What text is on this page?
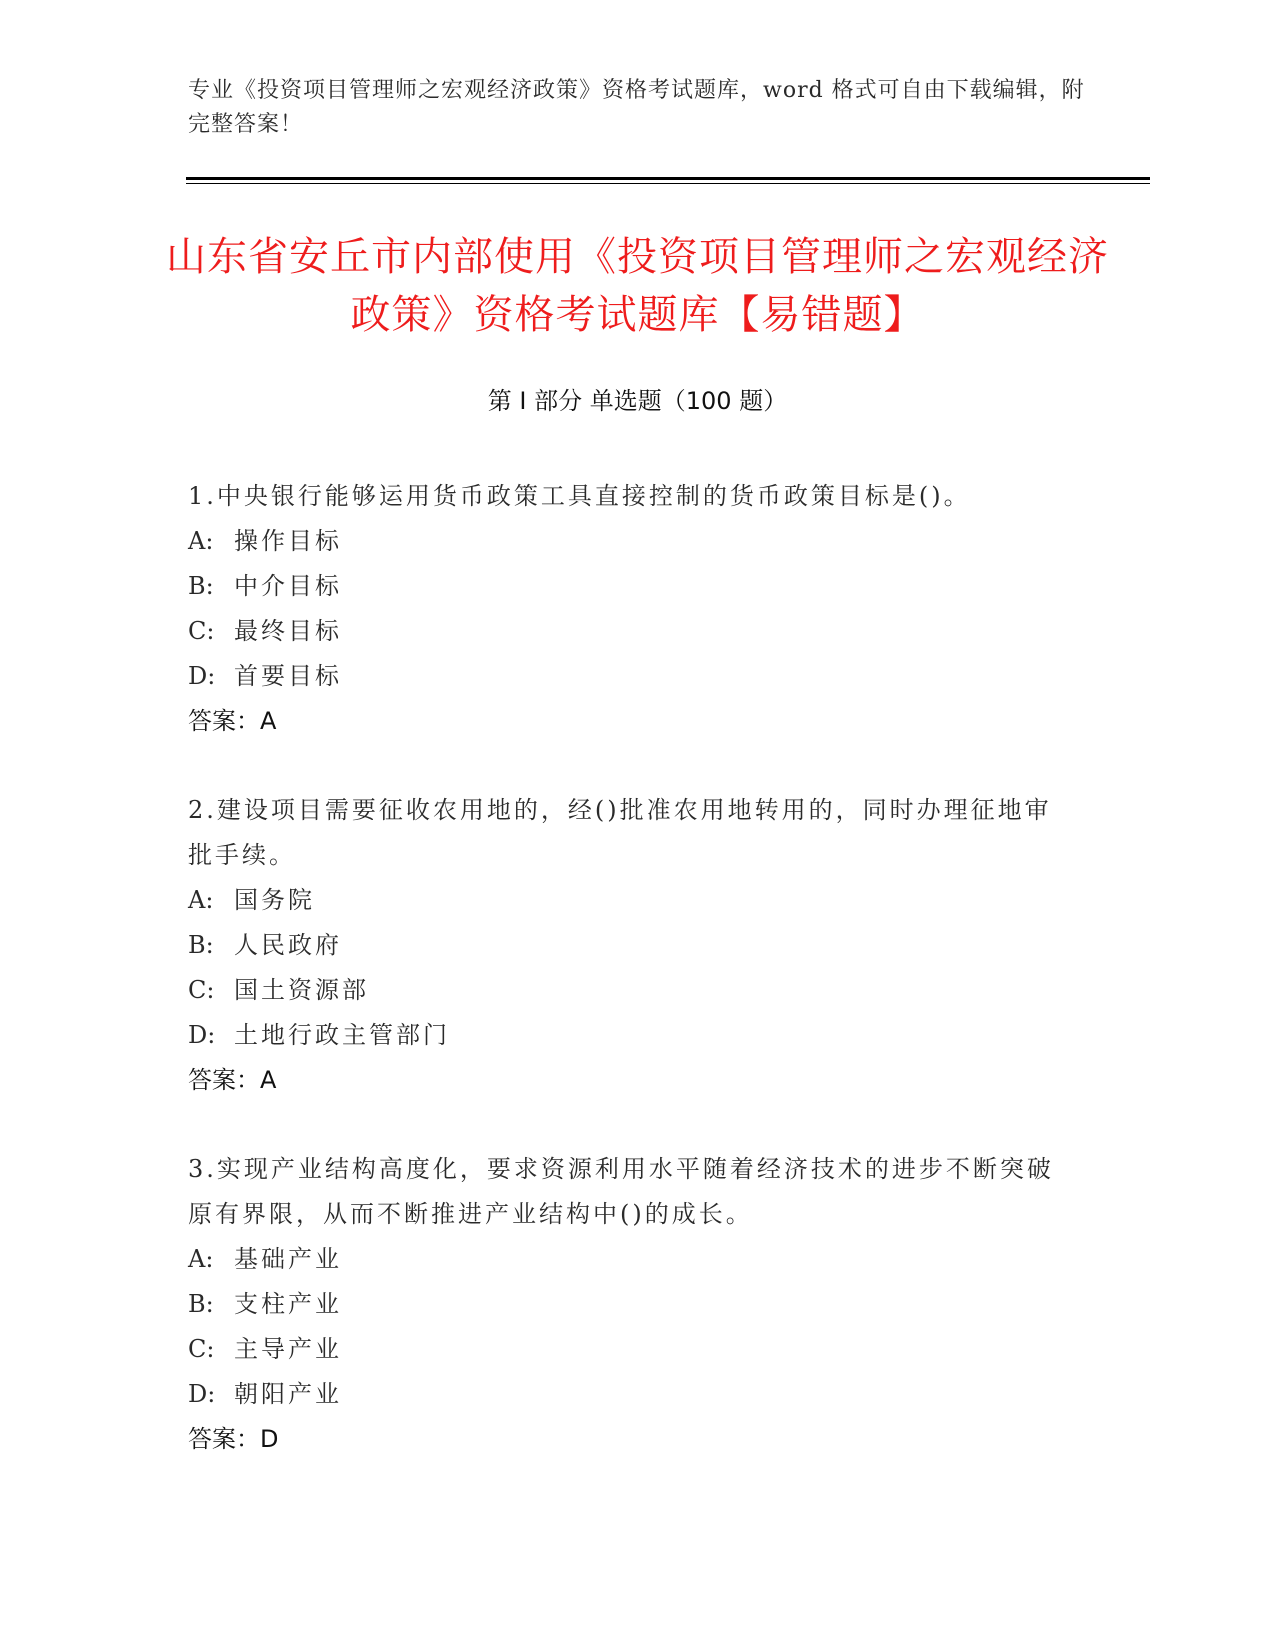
专业《投资项目管理师之宏观经济政策》资格考试题库，word 格式可自由下载编辑，附完整答案！
山东省安丘市内部使用《投资项目管理师之宏观经济政策》资格考试题库【易错题】
第 I 部分 单选题（100 题）

1.中央银行能够运用货币政策工具直接控制的货币政策目标是()。

A: 操作目标

B: 中介目标

C: 最终目标

D: 首要目标

答案：A

2.建设项目需要征收农用地的，经()批准农用地转用的，同时办理征地审批手续。

A: 国务院

B: 人民政府

C: 国土资源部

D: 土地行政主管部门

答案：A

3.实现产业结构高度化，要求资源利用水平随着经济技术的进步不断突破原有界限，从而不断推进产业结构中()的成长。

A: 基础产业

B: 支柱产业

C: 主导产业

D: 朝阳产业

答案：D
